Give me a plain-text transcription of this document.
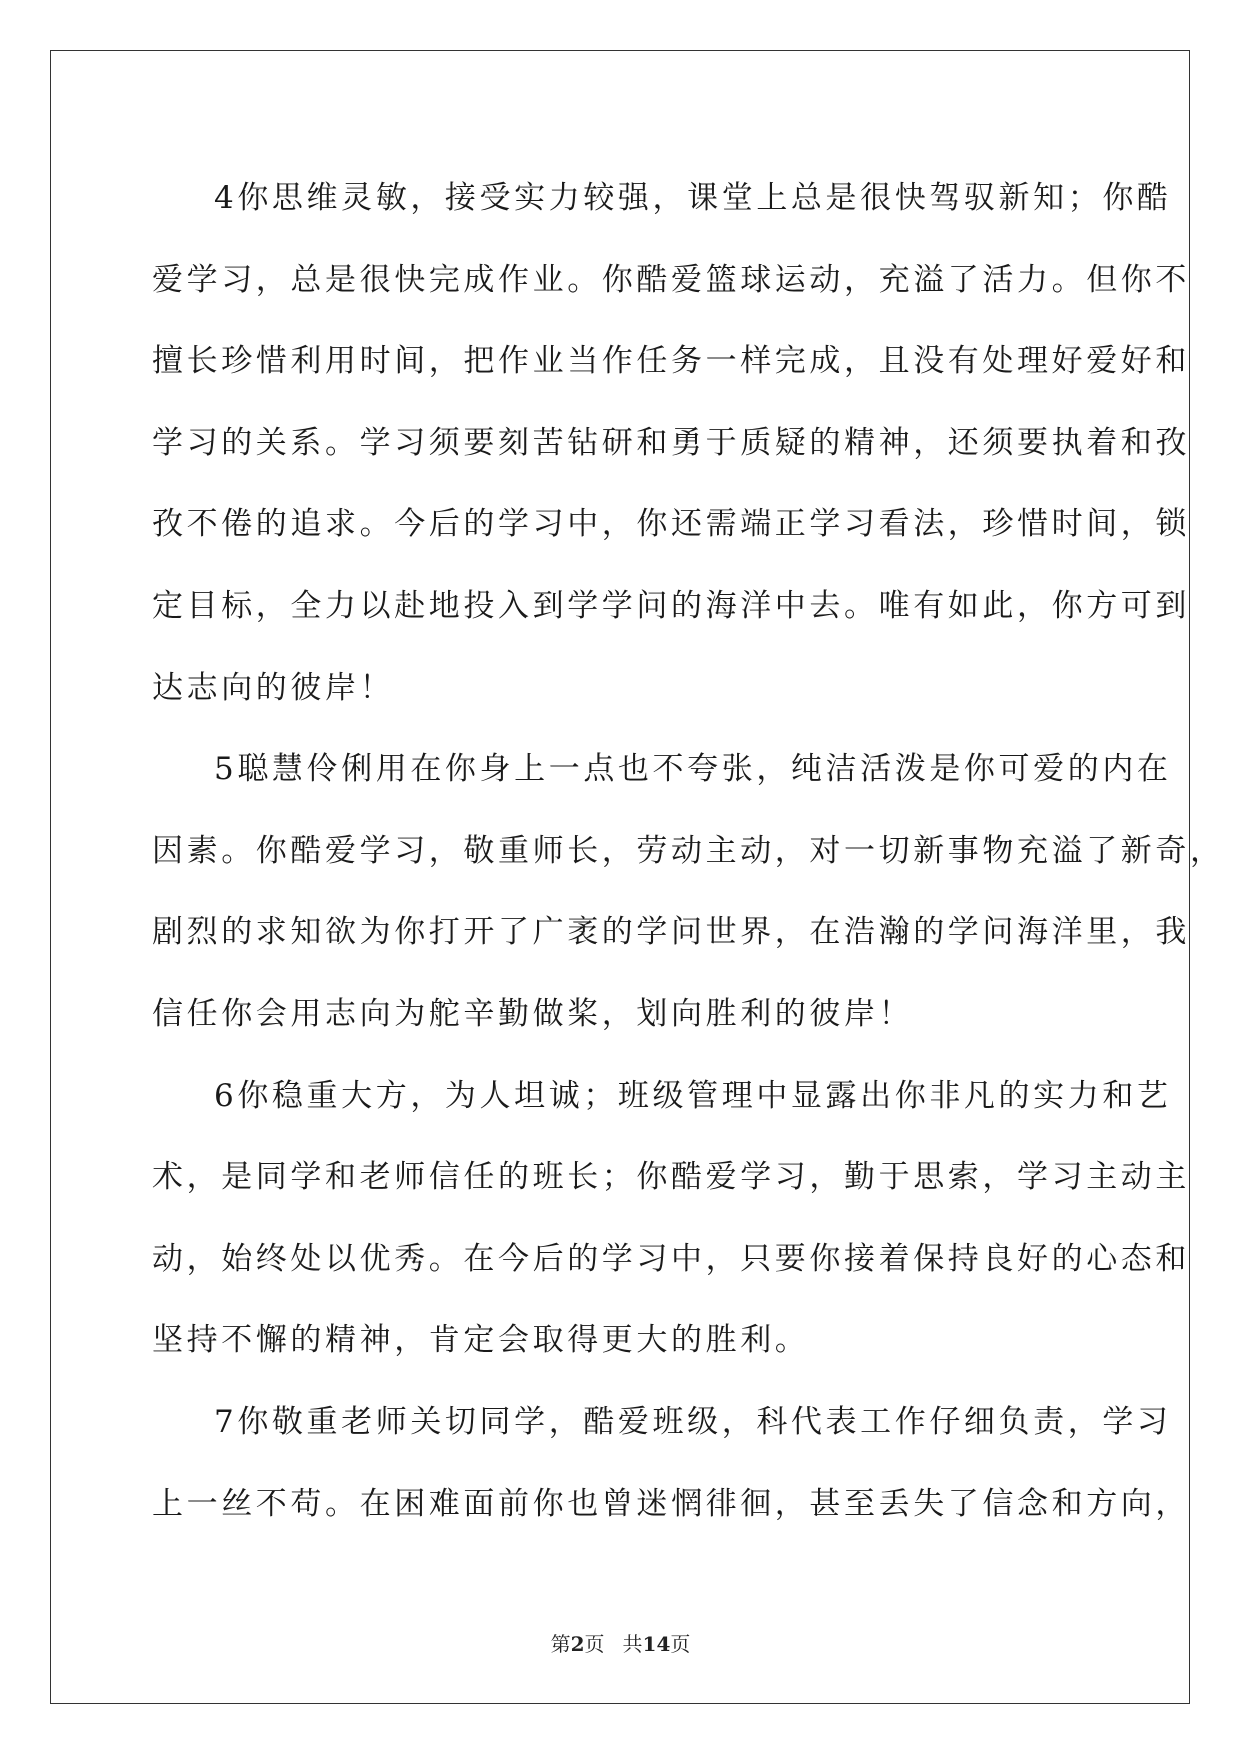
4你思维灵敏，接受实力较强，课堂上总是很快驾驭新知；你酷

爱学习，总是很快完成作业。你酷爱篮球运动，充溢了活力。但你不

擅长珍惜利用时间，把作业当作任务一样完成，且没有处理好爱好和

学习的关系。学习须要刻苦钻研和勇于质疑的精神，还须要执着和孜

孜不倦的追求。今后的学习中，你还需端正学习看法，珍惜时间，锁

定目标，全力以赴地投入到学学问的海洋中去。唯有如此，你方可到

达志向的彼岸！

5聪慧伶俐用在你身上一点也不夸张，纯洁活泼是你可爱的内在

因素。你酷爱学习，敬重师长，劳动主动，对一切新事物充溢了新奇，

剧烈的求知欲为你打开了广袤的学问世界，在浩瀚的学问海洋里，我

信任你会用志向为舵辛勤做桨，划向胜利的彼岸！

6你稳重大方，为人坦诚；班级管理中显露出你非凡的实力和艺

术，是同学和老师信任的班长；你酷爱学习，勤于思索，学习主动主

动，始终处以优秀。在今后的学习中，只要你接着保持良好的心态和

坚持不懈的精神，肯定会取得更大的胜利。

7你敬重老师关切同学，酷爱班级，科代表工作仔细负责，学习

上一丝不苟。在困难面前你也曾迷惘徘徊，甚至丢失了信念和方向，

第2页 共14页
